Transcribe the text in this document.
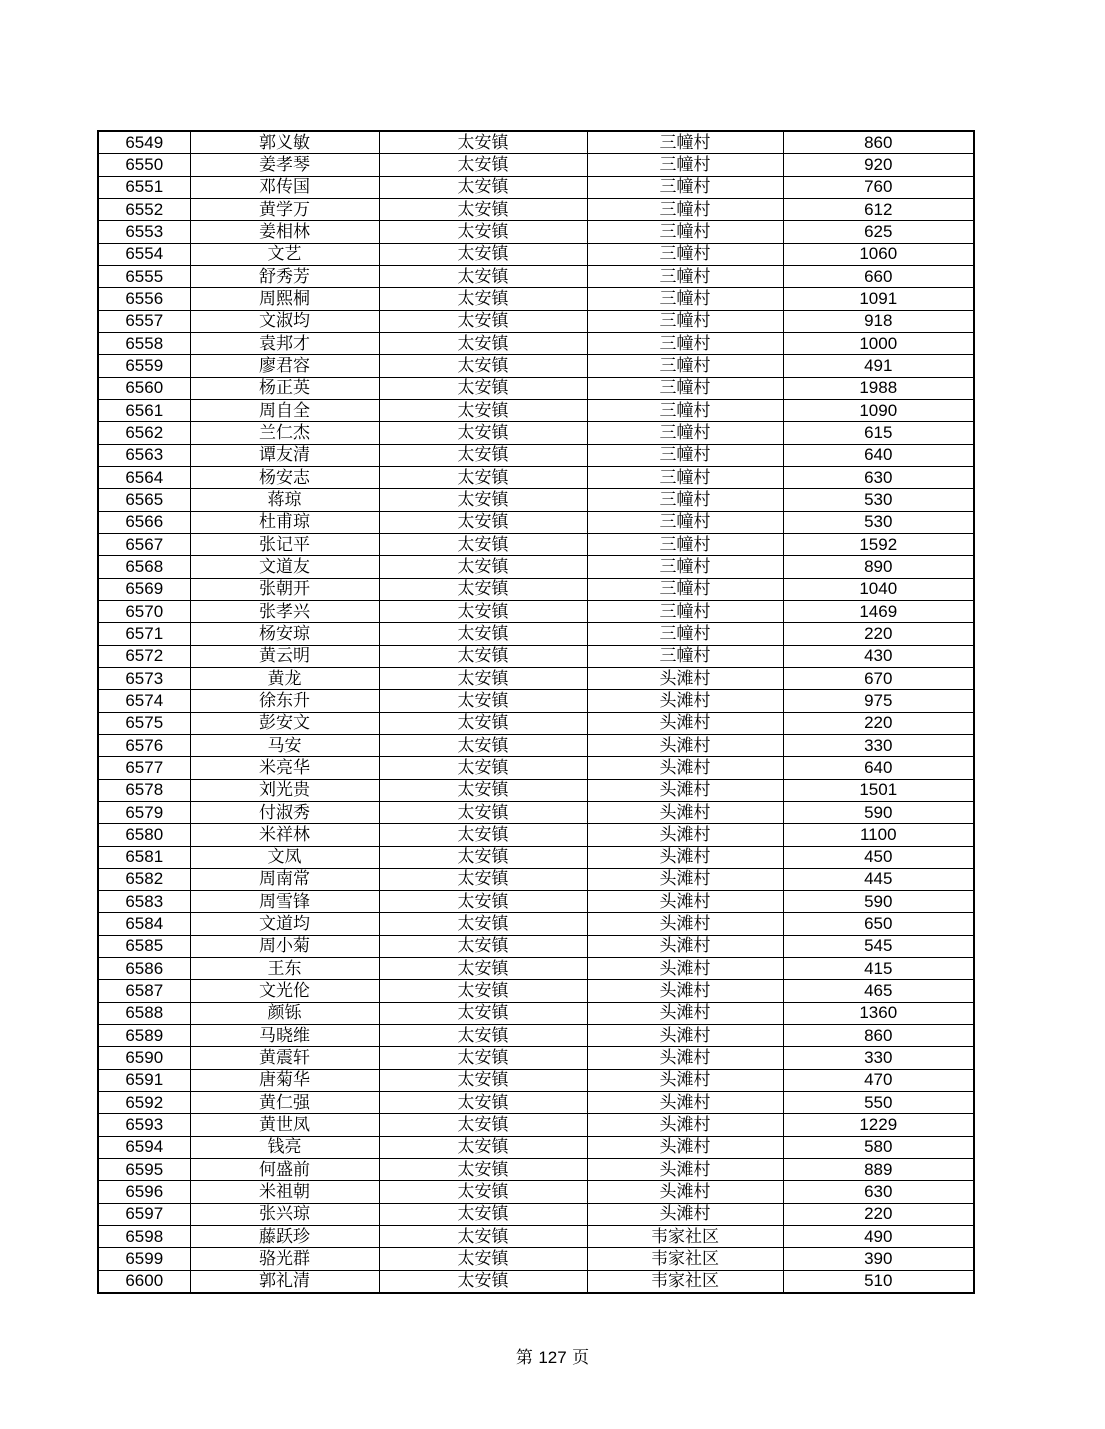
6549	郭义敏	太安镇	三幢村	860
6550	姜孝琴	太安镇	三幢村	920
6551	邓传国	太安镇	三幢村	760
6552	黄学万	太安镇	三幢村	612
6553	姜相林	太安镇	三幢村	625
6554	文艺	太安镇	三幢村	1060
6555	舒秀芳	太安镇	三幢村	660
6556	周熙桐	太安镇	三幢村	1091
6557	文淑均	太安镇	三幢村	918
6558	袁邦才	太安镇	三幢村	1000
6559	廖君容	太安镇	三幢村	491
6560	杨正英	太安镇	三幢村	1988
6561	周自全	太安镇	三幢村	1090
6562	兰仁杰	太安镇	三幢村	615
6563	谭友清	太安镇	三幢村	640
6564	杨安志	太安镇	三幢村	630
6565	蒋琼	太安镇	三幢村	530
6566	杜甫琼	太安镇	三幢村	530
6567	张记平	太安镇	三幢村	1592
6568	文道友	太安镇	三幢村	890
6569	张朝开	太安镇	三幢村	1040
6570	张孝兴	太安镇	三幢村	1469
6571	杨安琼	太安镇	三幢村	220
6572	黄云明	太安镇	三幢村	430
6573	黄龙	太安镇	头滩村	670
6574	徐东升	太安镇	头滩村	975
6575	彭安文	太安镇	头滩村	220
6576	马安	太安镇	头滩村	330
6577	米亮华	太安镇	头滩村	640
6578	刘光贵	太安镇	头滩村	1501
6579	付淑秀	太安镇	头滩村	590
6580	米祥林	太安镇	头滩村	1100
6581	文凤	太安镇	头滩村	450
6582	周南常	太安镇	头滩村	445
6583	周雪锋	太安镇	头滩村	590
6584	文道均	太安镇	头滩村	650
6585	周小菊	太安镇	头滩村	545
6586	王东	太安镇	头滩村	415
6587	文光伦	太安镇	头滩村	465
6588	颜铄	太安镇	头滩村	1360
6589	马晓维	太安镇	头滩村	860
6590	黄震轩	太安镇	头滩村	330
6591	唐菊华	太安镇	头滩村	470
6592	黄仁强	太安镇	头滩村	550
6593	黄世凤	太安镇	头滩村	1229
6594	钱亮	太安镇	头滩村	580
6595	何盛前	太安镇	头滩村	889
6596	米祖朝	太安镇	头滩村	630
6597	张兴琼	太安镇	头滩村	220
6598	藤跃珍	太安镇	韦家社区	490
6599	骆光群	太安镇	韦家社区	390
6600	郭礼清	太安镇	韦家社区	510
第 127 页
